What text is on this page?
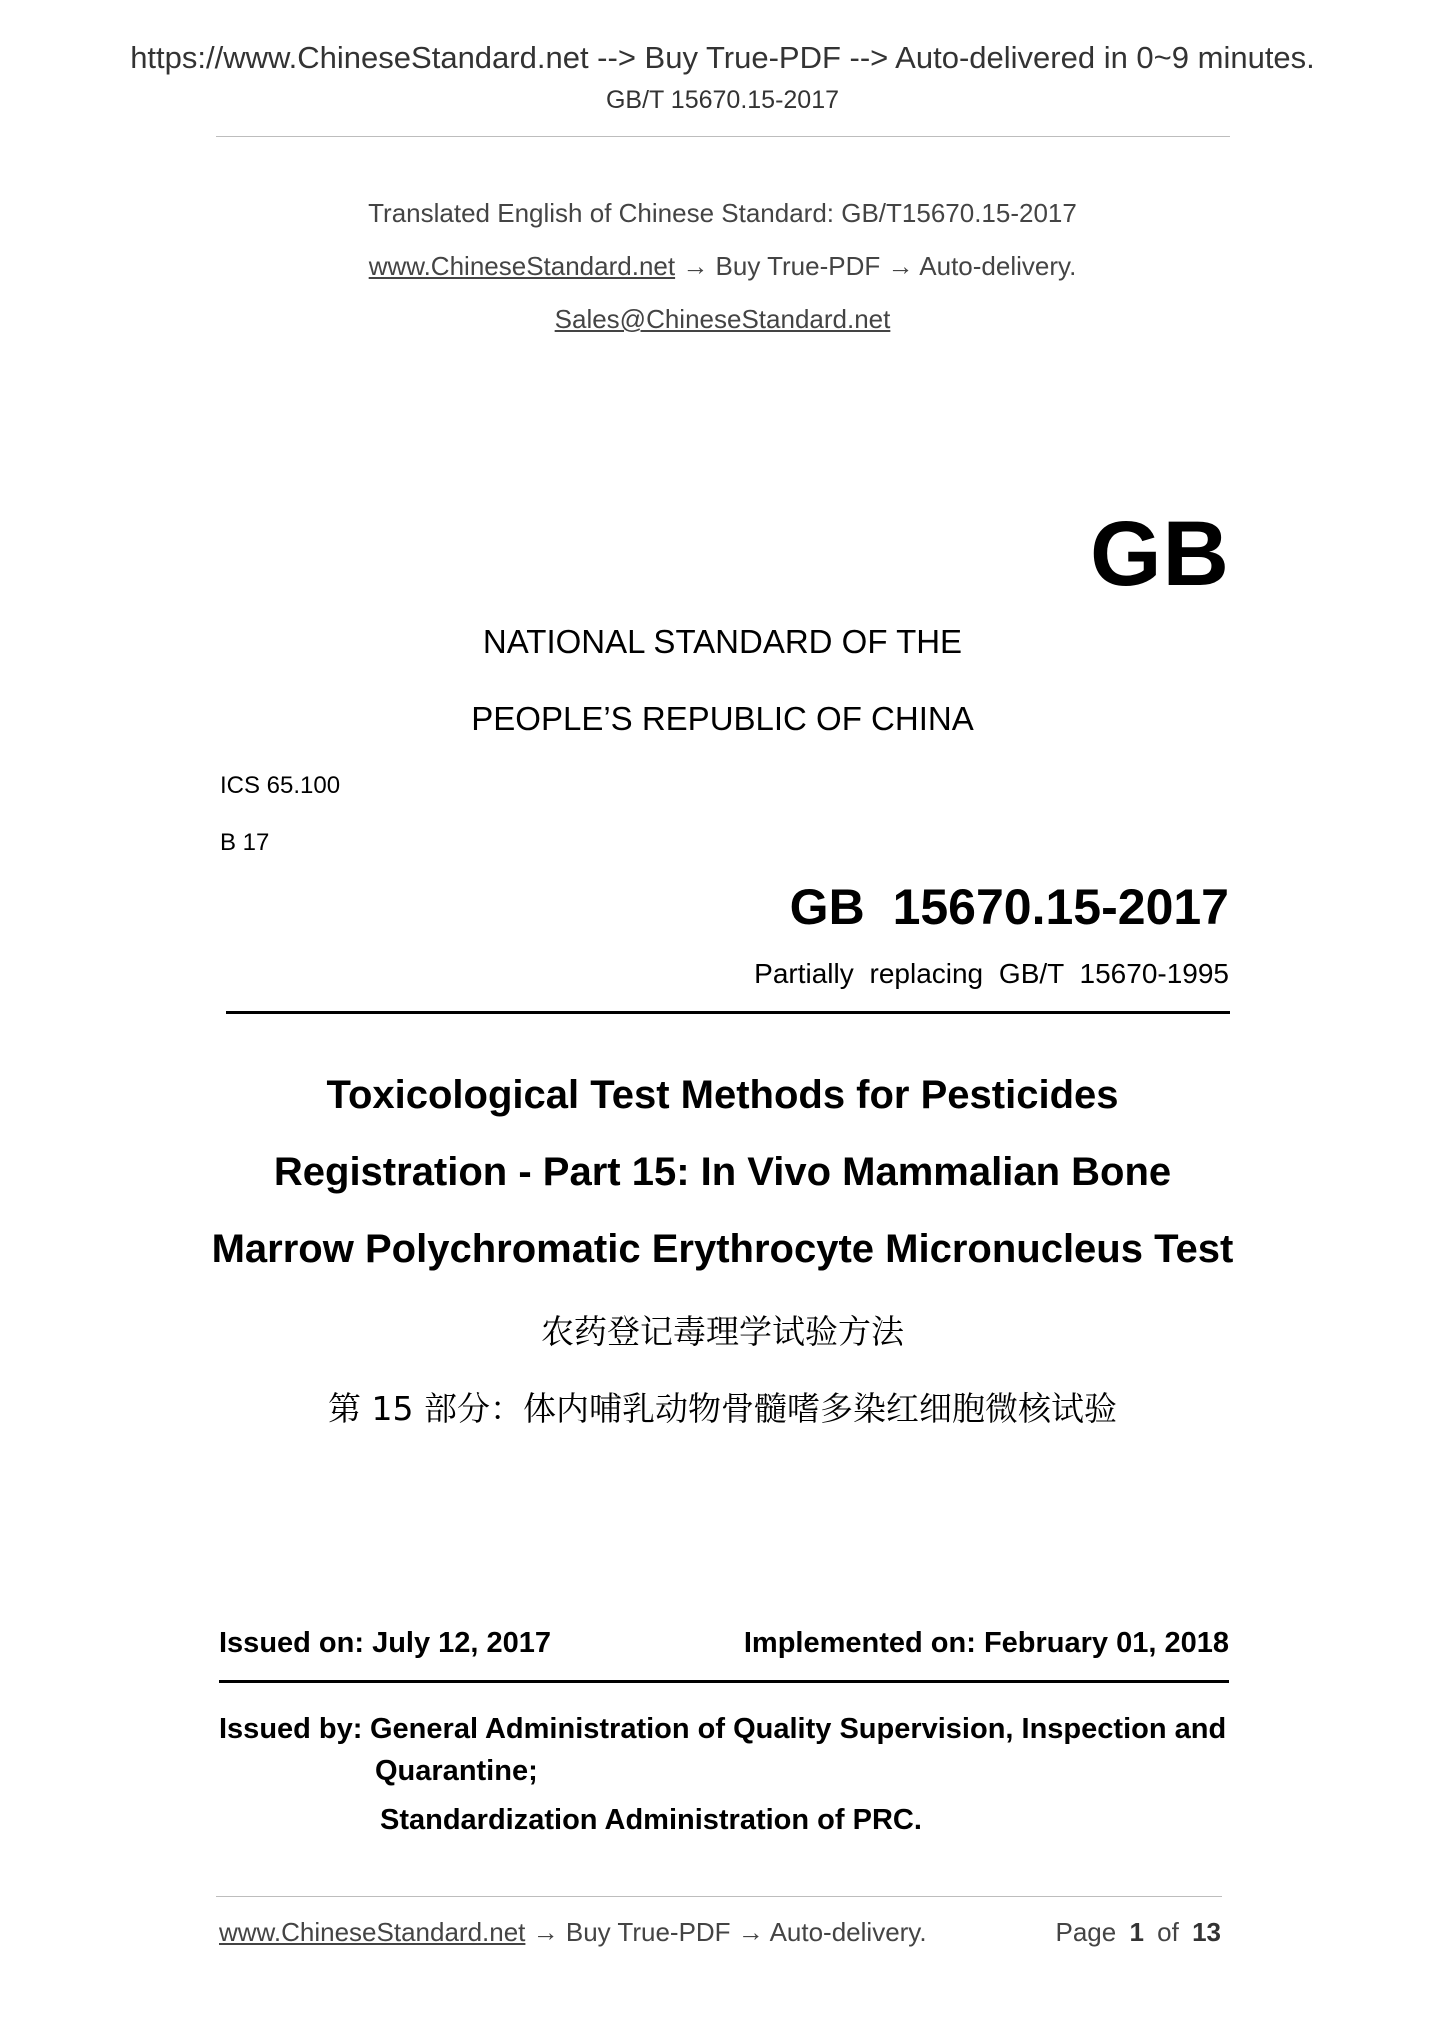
https://www.ChineseStandard.net --> Buy True-PDF --> Auto-delivered in 0~9 minutes.
GB/T 15670.15-2017
Translated English of Chinese Standard: GB/T15670.15-2017
www.ChineseStandard.net → Buy True-PDF → Auto-delivery.
Sales@ChineseStandard.net
GB
NATIONAL STANDARD OF THE
PEOPLE’S REPUBLIC OF CHINA
ICS 65.100
B 17
GB 15670.15-2017
Partially replacing GB/T 15670-1995
Toxicological Test Methods for Pesticides
Registration - Part 15: In Vivo Mammalian Bone
Marrow Polychromatic Erythrocyte Micronucleus Test
农药登记毒理学试验方法
第 15 部分：体内哺乳动物骨髓嗜多染红细胞微核试验
Issued on: July 12, 2017	Implemented on: February 01, 2018
Issued by: General Administration of Quality Supervision, Inspection and
Quarantine;
Standardization Administration of PRC.
www.ChineseStandard.net → Buy True-PDF → Auto-delivery.	Page 1 of 13
